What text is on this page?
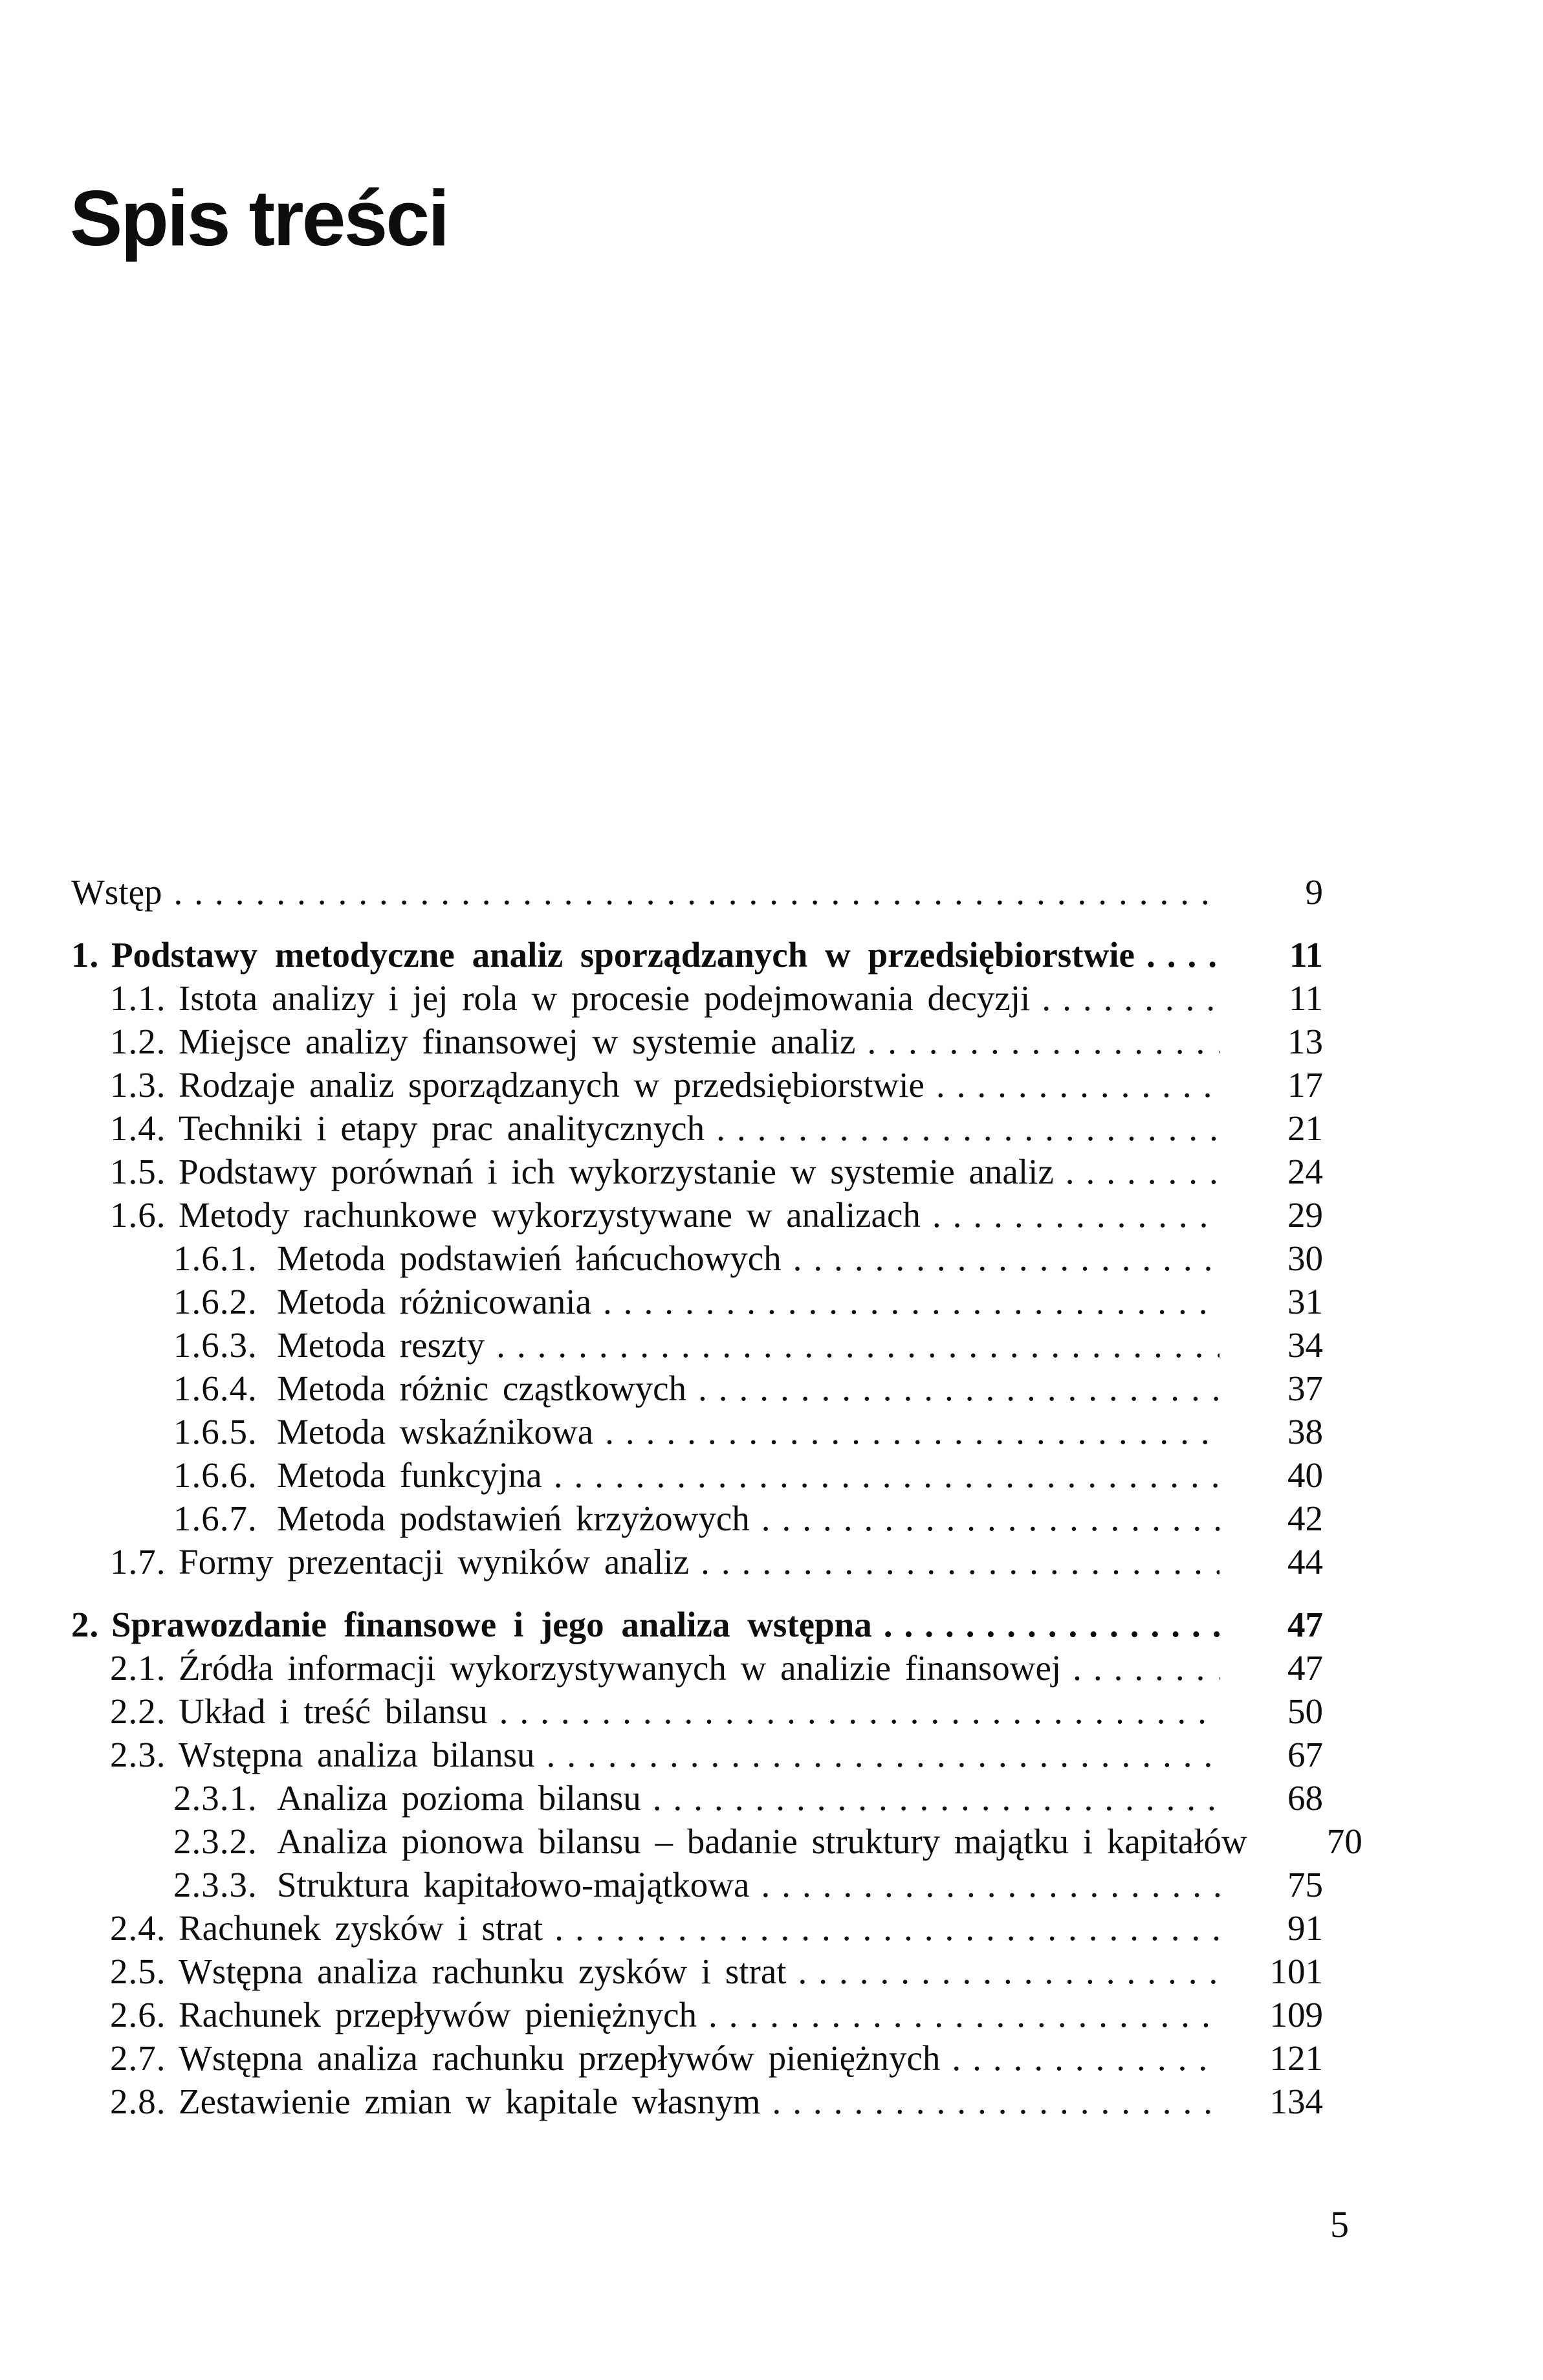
Spis treści
Wstęp .....	9
1. Podstawy metodyczne analiz sporządzanych w przedsiębiorstwie .....	11
1.1. Istota analizy i jej rola w procesie podejmowania decyzji .....	11
1.2. Miejsce analizy finansowej w systemie analiz .....	13
1.3. Rodzaje analiz sporządzanych w przedsiębiorstwie .....	17
1.4. Techniki i etapy prac analitycznych .....	21
1.5. Podstawy porównań i ich wykorzystanie w systemie analiz .....	24
1.6. Metody rachunkowe wykorzystywane w analizach .....	29
1.6.1. Metoda podstawień łańcuchowych .....	30
1.6.2. Metoda różnicowania .....	31
1.6.3. Metoda reszty .....	34
1.6.4. Metoda różnic cząstkowych .....	37
1.6.5. Metoda wskaźnikowa .....	38
1.6.6. Metoda funkcyjna .....	40
1.6.7. Metoda podstawień krzyżowych .....	42
1.7. Formy prezentacji wyników analiz .....	44
2. Sprawozdanie finansowe i jego analiza wstępna .....	47
2.1. Źródła informacji wykorzystywanych w analizie finansowej .....	47
2.2. Układ i treść bilansu .....	50
2.3. Wstępna analiza bilansu .....	67
2.3.1. Analiza pozioma bilansu .....	68
2.3.2. Analiza pionowa bilansu – badanie struktury majątku i kapitałów	70
2.3.3. Struktura kapitałowo-majątkowa .....	75
2.4. Rachunek zysków i strat .....	91
2.5. Wstępna analiza rachunku zysków i strat .....	101
2.6. Rachunek przepływów pieniężnych .....	109
2.7. Wstępna analiza rachunku przepływów pieniężnych .....	121
2.8. Zestawienie zmian w kapitale własnym .....	134
5
